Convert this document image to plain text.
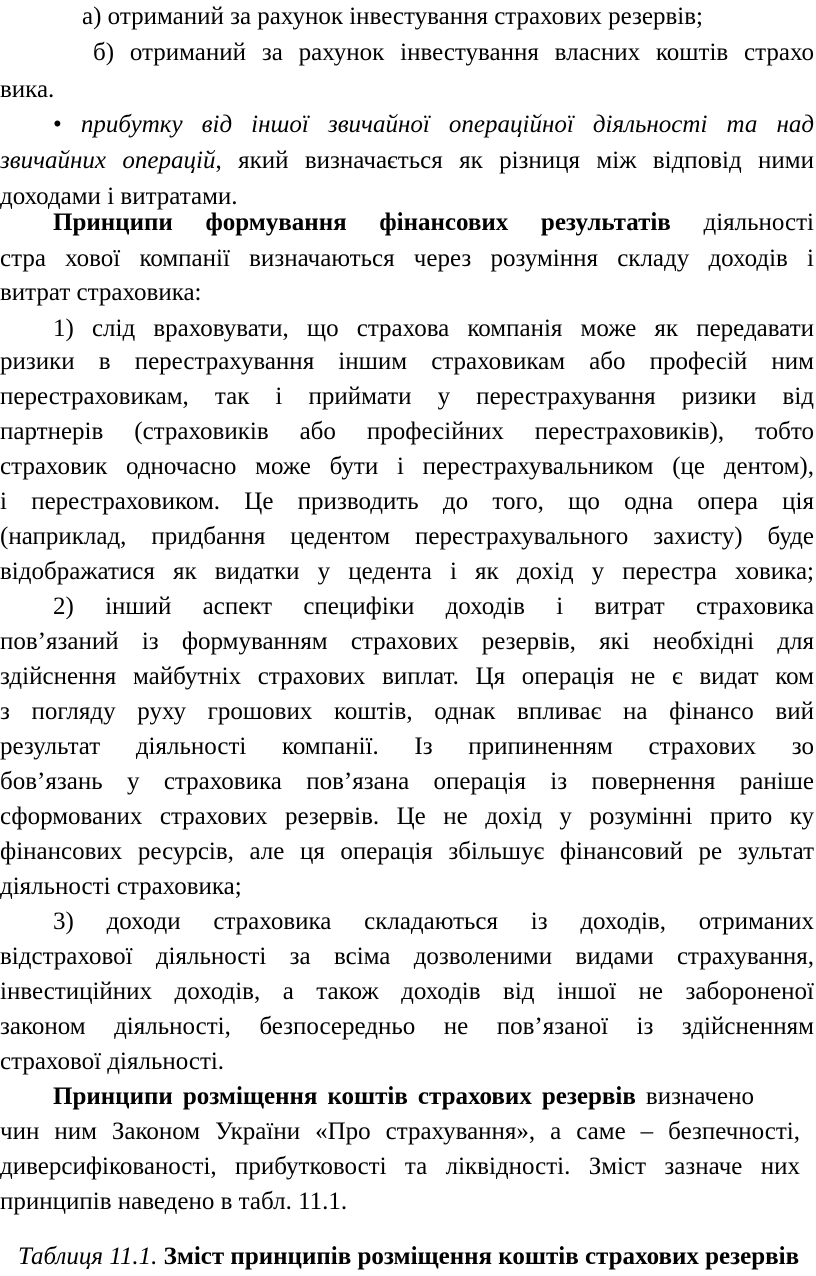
а) отриманий за рахунок інвестування страхових резервів;

б) отриманий за рахунок інвестування власних коштів страхо

вика.

• прибутку від іншої звичайної операційної діяльності та над

звичайних операцій, який визначається як різниця між відповід ними

доходами і витратами.

Принципи формування фінансових результатів діяльності

стра хової компанії визначаються через розуміння складу доходів і

витрат страховика:

1) слід враховувати, що страхова компанія може як передавати

ризики в перестрахування іншим страховикам або професій ним

перестраховикам, так і приймати у перестрахування ризики від

партнерів (страховиків або професійних перестраховиків), тобто

страховик одночасно може бути і перестрахувальником (це дентом),

і перестраховиком. Це призводить до того, що одна опера ція

(наприклад, придбання цедентом перестрахувального захисту) буде

відображатися як видатки у цедента і як дохід у перестра ховика;

2) інший аспект специфіки доходів і витрат страховика

пов’язаний із формуванням страхових резервів, які необхідні для

здійснення майбутніх страхових виплат. Ця операція не є видат ком

з погляду руху грошових коштів, однак впливає на фінансо вий

результат діяльності компанії. Із припиненням страхових зо

бов’язань у страховика пов’язана операція із повернення раніше

сформованих страхових резервів. Це не дохід у розумінні прито ку

фінансових ресурсів, але ця операція збільшує фінансовий ре зультат

діяльності страховика;

3) доходи страховика складаються із доходів, отриманих

відстрахової діяльності за всіма дозволеними видами страхування,

інвестиційних доходів, а також доходів від іншої не забороненої

законом діяльності, безпосередньо не пов’язаної із здійсненням

страхової діяльності.

Принципи розміщення коштів страхових резервів визначено

чин ним Законом України «Про страхування», а саме – безпечності,

диверсифікованості, прибутковості та ліквідності. Зміст зазначе них

принципів наведено в табл. 11.1.

Таблиця 11.1. Зміст принципів розміщення коштів страхових резервів
